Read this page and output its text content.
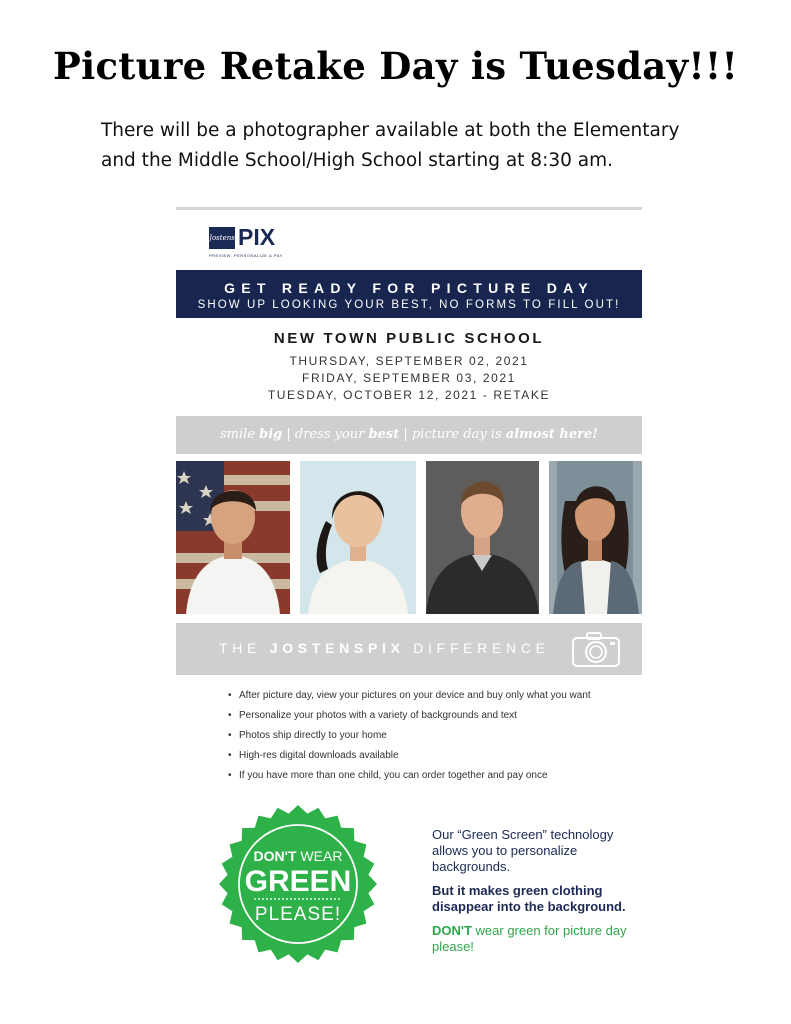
Picture Retake Day is Tuesday!!!
There will be a photographer available at both the Elementary
and the Middle School/High School starting at 8:30 am.
Jostens PIX
PREVIEW, PERSONALIZE & PAY.
GET READY FOR PICTURE DAY
SHOW UP LOOKING YOUR BEST, NO FORMS TO FILL OUT!
NEW TOWN PUBLIC SCHOOL
THURSDAY, SEPTEMBER 02, 2021
FRIDAY, SEPTEMBER 03, 2021
TUESDAY, OCTOBER 12, 2021 - RETAKE
smile big | dress your best | picture day is almost here!
THE JOSTENSPIX DIFFERENCE
• After picture day, view your pictures on your device and buy only what you want
• Personalize your photos with a variety of backgrounds and text
• Photos ship directly to your home
• High-res digital downloads available
• If you have more than one child, you can order together and pay once
DON'T WEAR
GREEN
PLEASE!

Our “Green Screen” technology allows you to personalize backgrounds.

But it makes green clothing disappear into the background.

DON'T wear green for picture day please!
